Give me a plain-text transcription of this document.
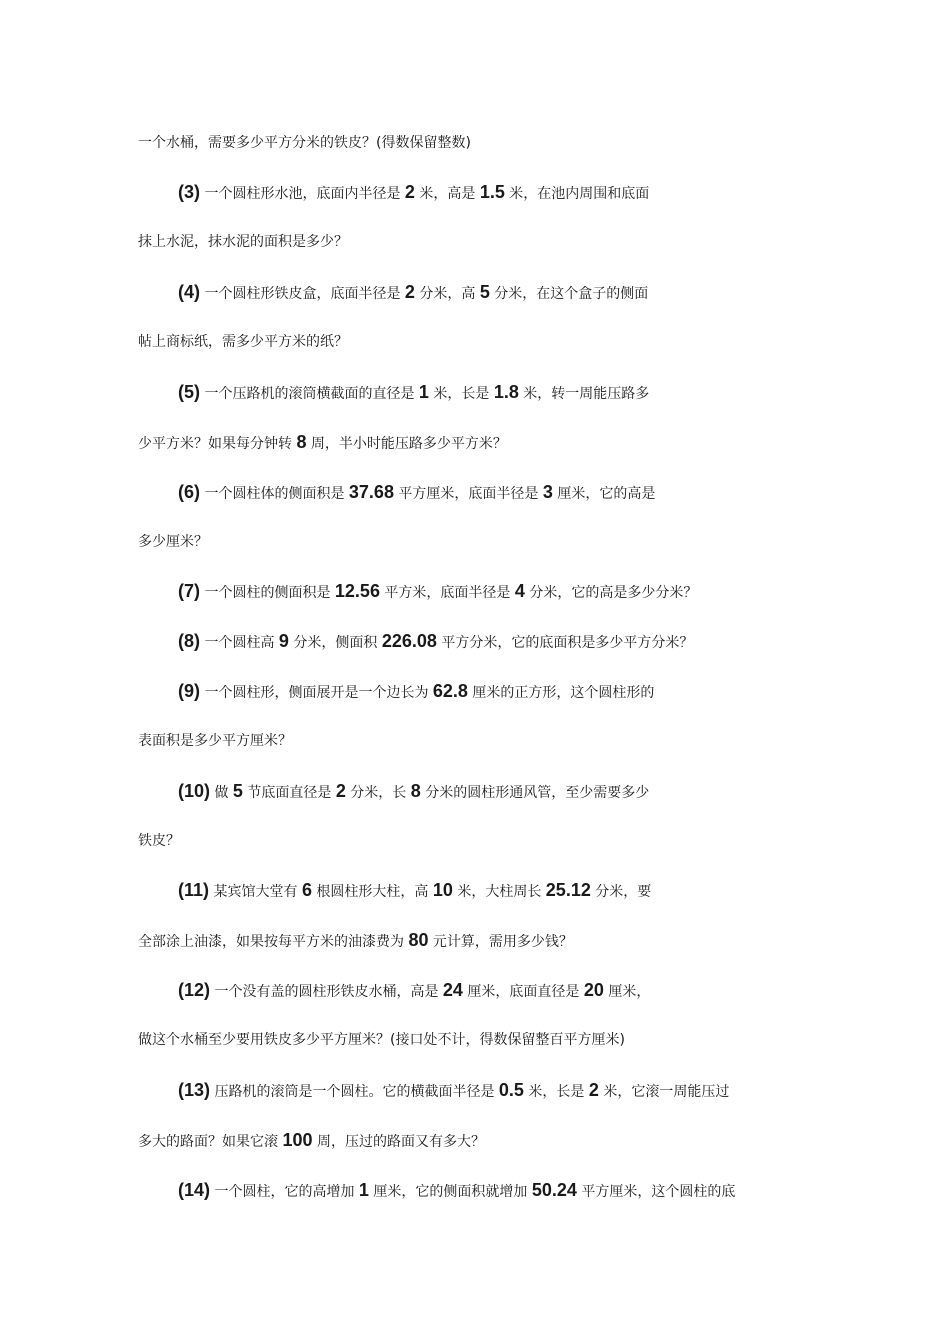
一个水桶，需要多少平方分米的铁皮？(得数保留整数)
(3) 一个圆柱形水池，底面内半径是 2 米，高是 1.5 米，在池内周围和底面
抹上水泥，抹水泥的面积是多少？
(4) 一个圆柱形铁皮盒，底面半径是 2 分米，高 5 分米，在这个盒子的侧面
帖上商标纸，需多少平方米的纸？
(5) 一个压路机的滚筒横截面的直径是 1 米，长是 1.8 米，转一周能压路多
少平方米？如果每分钟转 8 周，半小时能压路多少平方米？
(6) 一个圆柱体的侧面积是 37.68 平方厘米，底面半径是 3 厘米，它的高是
多少厘米？
(7) 一个圆柱的侧面积是 12.56 平方米，底面半径是 4 分米，它的高是多少分米？
(8) 一个圆柱高 9 分米，侧面积 226.08 平方分米，它的底面积是多少平方分米？
(9) 一个圆柱形，侧面展开是一个边长为 62.8 厘米的正方形，这个圆柱形的
表面积是多少平方厘米？
(10) 做 5 节底面直径是 2 分米，长 8 分米的圆柱形通风管，至少需要多少
铁皮？
(11) 某宾馆大堂有 6 根圆柱形大柱，高 10 米，大柱周长 25.12 分米，要
全部涂上油漆，如果按每平方米的油漆费为 80 元计算，需用多少钱？
(12) 一个没有盖的圆柱形铁皮水桶，高是 24 厘米，底面直径是 20 厘米，
做这个水桶至少要用铁皮多少平方厘米？(接口处不计，得数保留整百平方厘米)
(13) 压路机的滚筒是一个圆柱。它的横截面半径是 0.5 米，长是 2 米，它滚一周能压过
多大的路面？如果它滚 100 周，压过的路面又有多大？
(14) 一个圆柱，它的高增加 1 厘米，它的侧面积就增加 50.24 平方厘米，这个圆柱的底
